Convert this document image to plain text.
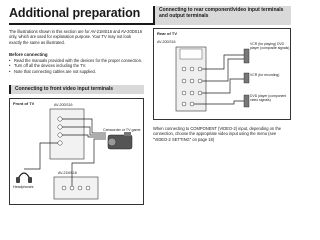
Additional preparation
The illustrations shown in this section are for AV-21MS16 and AV-20DS16 only, which are used for explanation purpose. Your TV may not look exactly the same as illustrated.
Before connecting
• Read the manuals provided with the devices for the proper connection.
• Turn off all the devices including the TV.
• Note that connecting cables are not supplied.
Connecting to front video input terminals
Front of TV	AV-20DS16
AV-21MS16
Camcorder or TV game
Headphones
Connecting to rear component/video input terminals and output terminals
Rear of TV
AV-20DS16	VCR (for playing) DVD player (composite signals)
VCR (for recording)
DVD player (component video signals)
When connecting to COMPONENT (VIDEO-2) input, depending on the connection, choose the appropriate video input using the menu (see "VIDEO-2 SETTING" on page 18)
